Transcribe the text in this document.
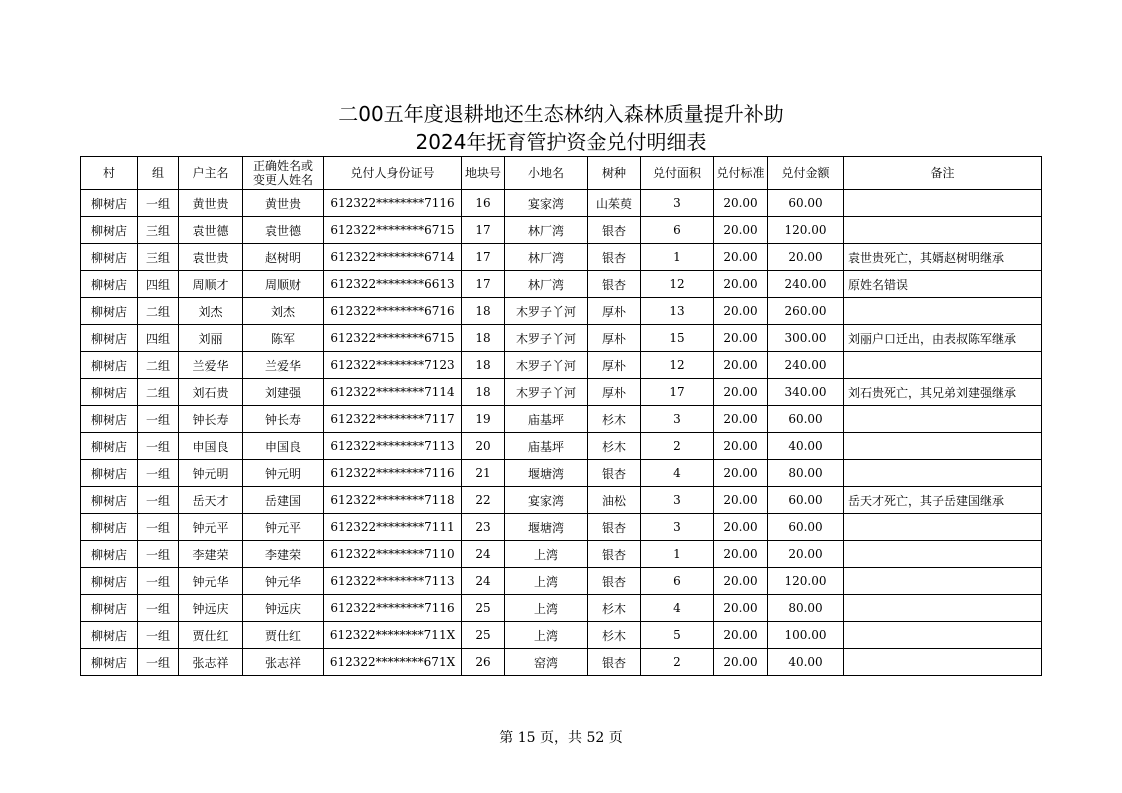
二00五年度退耕地还生态林纳入森林质量提升补助
2024年抚育管护资金兑付明细表
村	组	户主名	正确姓名或
变更人姓名	兑付人身份证号	地块号	小地名	树种	兑付面积	兑付标准	兑付金额	备注
柳树店	一组	黄世贵	黄世贵	612322********7116	16	宴家湾	山茱萸	3	20.00	60.00	
柳树店	三组	袁世德	袁世德	612322********6715	17	林厂湾	银杏	6	20.00	120.00	
柳树店	三组	袁世贵	赵树明	612322********6714	17	林厂湾	银杏	1	20.00	20.00	袁世贵死亡，其婿赵树明继承
柳树店	四组	周顺才	周顺财	612322********6613	17	林厂湾	银杏	12	20.00	240.00	原姓名错误
柳树店	二组	刘杰	刘杰	612322********6716	18	木罗子丫河	厚朴	13	20.00	260.00	
柳树店	四组	刘丽	陈军	612322********6715	18	木罗子丫河	厚朴	15	20.00	300.00	刘丽户口迁出，由表叔陈军继承
柳树店	二组	兰爱华	兰爱华	612322********7123	18	木罗子丫河	厚朴	12	20.00	240.00	
柳树店	二组	刘石贵	刘建强	612322********7114	18	木罗子丫河	厚朴	17	20.00	340.00	刘石贵死亡，其兄弟刘建强继承
柳树店	一组	钟长寿	钟长寿	612322********7117	19	庙基坪	杉木	3	20.00	60.00	
柳树店	一组	申国良	申国良	612322********7113	20	庙基坪	杉木	2	20.00	40.00	
柳树店	一组	钟元明	钟元明	612322********7116	21	堰塘湾	银杏	4	20.00	80.00	
柳树店	一组	岳天才	岳建国	612322********7118	22	宴家湾	油松	3	20.00	60.00	岳天才死亡，其子岳建国继承
柳树店	一组	钟元平	钟元平	612322********7111	23	堰塘湾	银杏	3	20.00	60.00	
柳树店	一组	李建荣	李建荣	612322********7110	24	上湾	银杏	1	20.00	20.00	
柳树店	一组	钟元华	钟元华	612322********7113	24	上湾	银杏	6	20.00	120.00	
柳树店	一组	钟远庆	钟远庆	612322********7116	25	上湾	杉木	4	20.00	80.00	
柳树店	一组	贾仕红	贾仕红	612322********711X	25	上湾	杉木	5	20.00	100.00	
柳树店	一组	张志祥	张志祥	612322********671X	26	窑湾	银杏	2	20.00	40.00	
第 15 页，共 52 页
